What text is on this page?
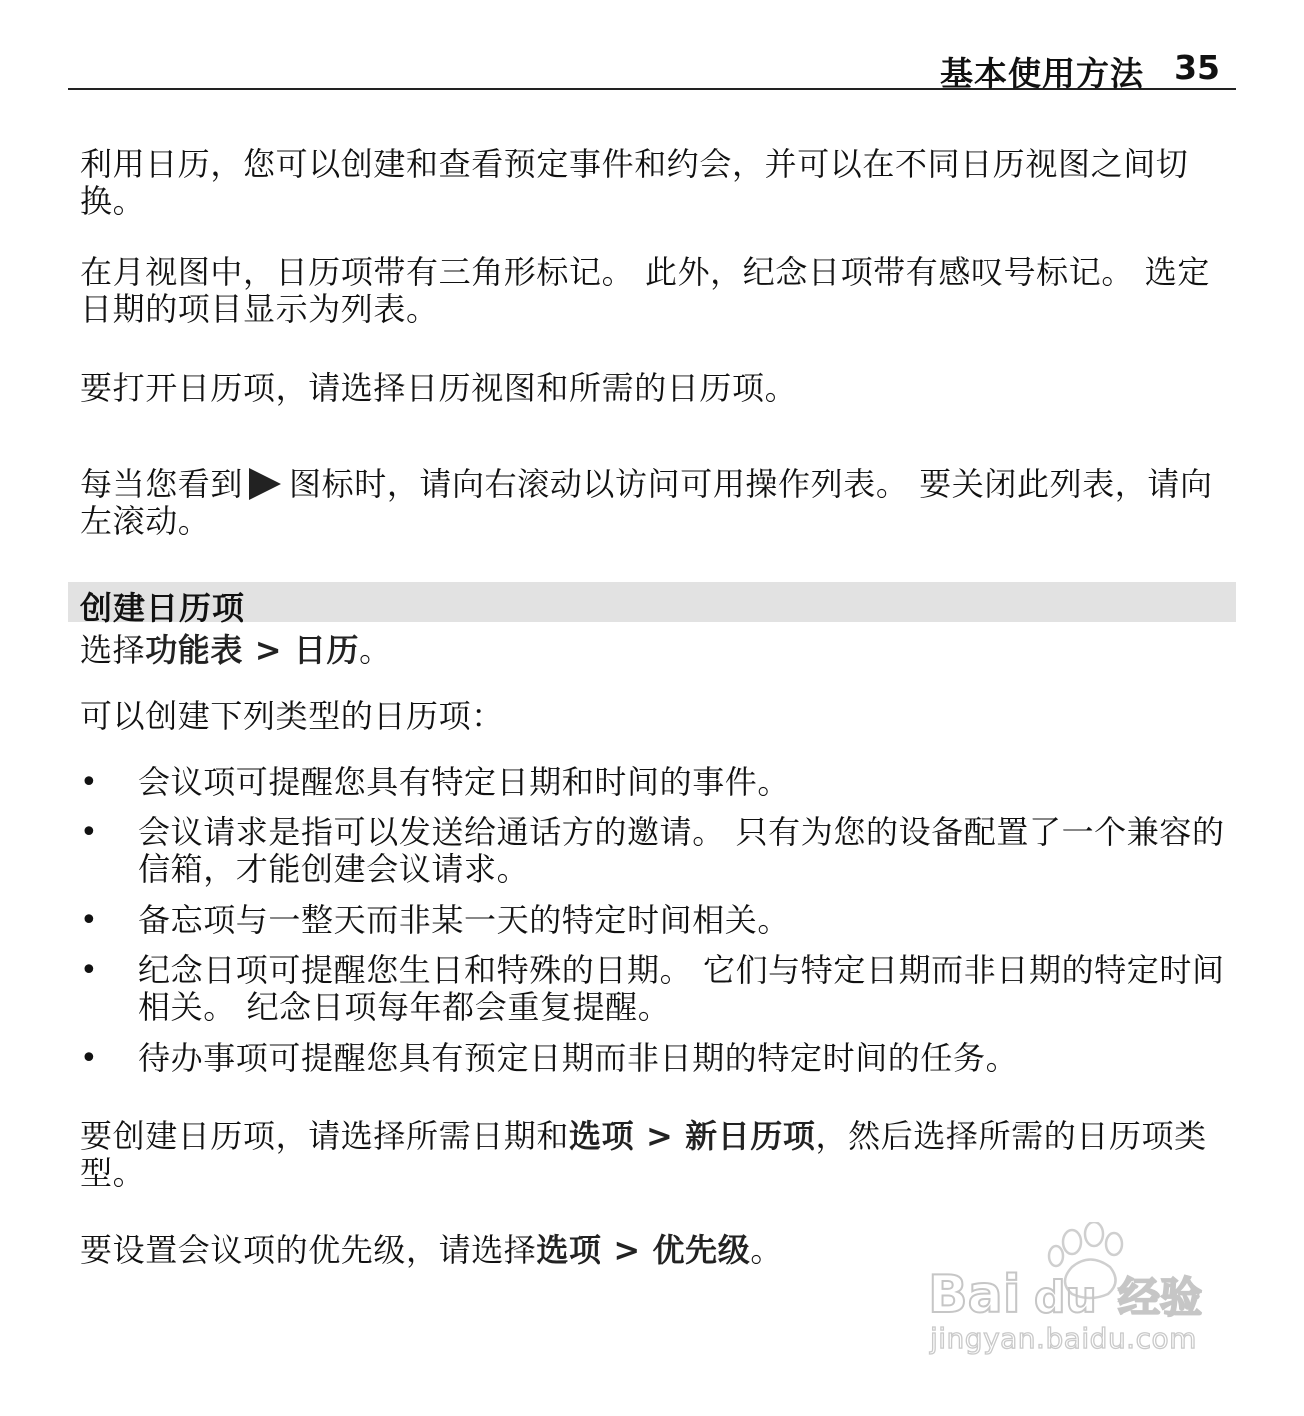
基本使用方法 35

利用日历，您可以创建和查看预定事件和约会，并可以在不同日历视图之间切换。

在月视图中，日历项带有三角形标记。 此外，纪念日项带有感叹号标记。 选定日期的项目显示为列表。

要打开日历项，请选择日历视图和所需的日历项。

每当您看到 图标时，请向右滚动以访问可用操作列表。 要关闭此列表，请向左滚动。

创建日历项

选择功能表 > 日历。

可以创建下列类型的日历项：

• 会议项可提醒您具有特定日期和时间的事件。
• 会议请求是指可以发送给通话方的邀请。 只有为您的设备配置了一个兼容的信箱，才能创建会议请求。
• 备忘项与一整天而非某一天的特定时间相关。
• 纪念日项可提醒您生日和特殊的日期。 它们与特定日期而非日期的特定时间相关。 纪念日项每年都会重复提醒。
• 待办事项可提醒您具有预定日期而非日期的特定时间的任务。

要创建日历项，请选择所需日期和选项 > 新日历项，然后选择所需的日历项类型。

要设置会议项的优先级，请选择选项 > 优先级。

Bai du 经验
jingyan.baidu.com
